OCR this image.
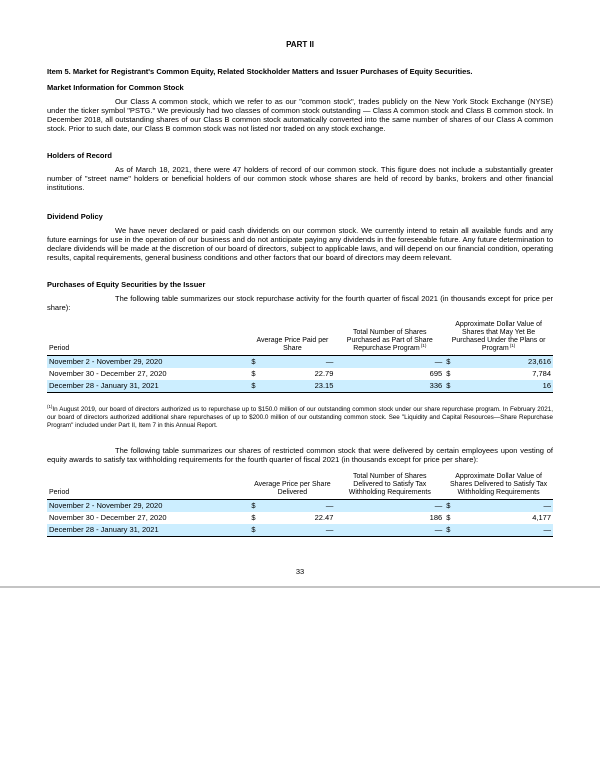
PART II
Item 5. Market for Registrant's Common Equity, Related Stockholder Matters and Issuer Purchases of Equity Securities.
Market Information for Common Stock

Our Class A common stock, which we refer to as our "common stock", trades publicly on the New York Stock Exchange (NYSE) under the ticker symbol "PSTG." We previously had two classes of common stock outstanding — Class A common stock and Class B common stock. In December 2018, all outstanding shares of our Class B common stock automatically converted into the same number of shares of our Class A common stock. Prior to such date, our Class B common stock was not listed nor traded on any stock exchange.

Holders of Record

As of March 18, 2021, there were 47 holders of record of our common stock. This figure does not include a substantially greater number of "street name" holders or beneficial holders of our common stock whose shares are held of record by banks, brokers and other financial institutions.

Dividend Policy

We have never declared or paid cash dividends on our common stock. We currently intend to retain all available funds and any future earnings for use in the operation of our business and do not anticipate paying any dividends in the foreseeable future. Any future determination to declare dividends will be made at the discretion of our board of directors, subject to applicable laws, and will depend on our financial condition, operating results, capital requirements, general business conditions and other factors that our board of directors may deem relevant.

Purchases of Equity Securities by the Issuer

The following table summarizes our stock repurchase activity for the fourth quarter of fiscal 2021 (in thousands except for price per share):

Period	Average Price Paid per Share		Total Number of Shares Purchased as Part of Share Repurchase Program$^{(1)}$	Approximate Dollar Value of Shares that May Yet Be Purchased Under the Plans or Program$^{(1)}$
November 2 - November 29, 2020	$	—	—	$	23,616
November 30 - December 27, 2020	$	22.79	695	$	7,784
December 28 - January 31, 2021	$	23.15	336	$	16

$^{(1)}$In August 2019, our board of directors authorized us to repurchase up to $150.0 million of our outstanding common stock under our share repurchase program. In February 2021, our board of directors authorized additional share repurchases of up to $200.0 million of our outstanding common stock. See "Liquidity and Capital Resources—Share Repurchase Program" included under Part II, Item 7 in this Annual Report.

The following table summarizes our shares of restricted common stock that were delivered by certain employees upon vesting of equity awards to satisfy tax withholding requirements for the fourth quarter of fiscal 2021 (in thousands except for price per share):

Period	Average Price per Share Delivered		Total Number of Shares Delivered to Satisfy Tax Withholding Requirements	Approximate Dollar Value of Shares Delivered to Satisfy Tax Withholding Requirements	
November 2 - November 29, 2020	$	—	—	$	—
November 30 - December 27, 2020	$	22.47	186	$	4,177
December 28 - January 31, 2021	$	—	—	$	—
33
